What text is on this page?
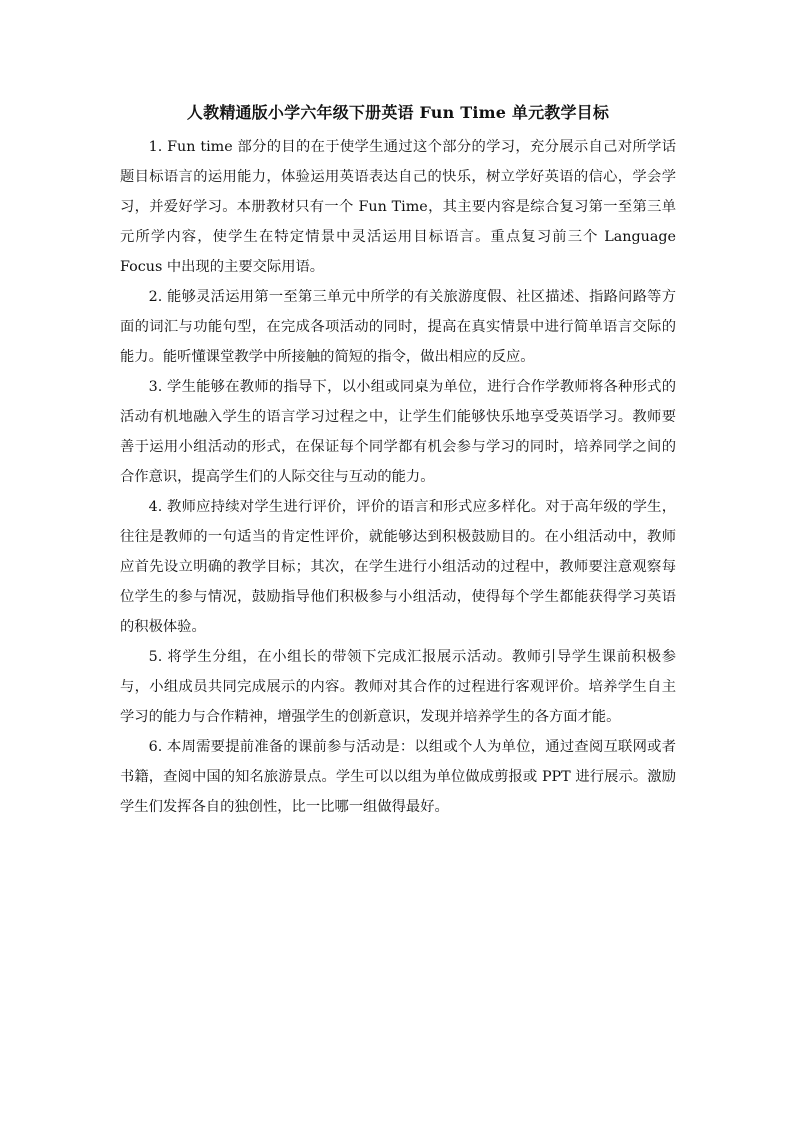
人教精通版小学六年级下册英语 Fun Time 单元教学目标

1. Fun time 部分的目的在于使学生通过这个部分的学习，充分展示自己对所学话题目标语言的运用能力，体验运用英语表达自己的快乐，树立学好英语的信心，学会学习，并爱好学习。本册教材只有一个 Fun Time，其主要内容是综合复习第一至第三单元所学内容，使学生在特定情景中灵活运用目标语言。重点复习前三个 Language Focus 中出现的主要交际用语。

2. 能够灵活运用第一至第三单元中所学的有关旅游度假、社区描述、指路问路等方面的词汇与功能句型，在完成各项活动的同时，提高在真实情景中进行简单语言交际的能力。能听懂课堂教学中所接触的简短的指令，做出相应的反应。

3. 学生能够在教师的指导下，以小组或同桌为单位，进行合作学教师将各种形式的活动有机地融入学生的语言学习过程之中，让学生们能够快乐地享受英语学习。教师要善于运用小组活动的形式，在保证每个同学都有机会参与学习的同时，培养同学之间的合作意识，提高学生们的人际交往与互动的能力。

4. 教师应持续对学生进行评价，评价的语言和形式应多样化。对于高年级的学生，往往是教师的一句适当的肯定性评价，就能够达到积极鼓励目的。在小组活动中，教师应首先设立明确的教学目标；其次，在学生进行小组活动的过程中，教师要注意观察每位学生的参与情况，鼓励指导他们积极参与小组活动，使得每个学生都能获得学习英语的积极体验。

5. 将学生分组，在小组长的带领下完成汇报展示活动。教师引导学生课前积极参与，小组成员共同完成展示的内容。教师对其合作的过程进行客观评价。培养学生自主学习的能力与合作精神，增强学生的创新意识，发现并培养学生的各方面才能。

6. 本周需要提前准备的课前参与活动是：以组或个人为单位，通过查阅互联网或者书籍，查阅中国的知名旅游景点。学生可以以组为单位做成剪报或 PPT 进行展示。激励学生们发挥各自的独创性，比一比哪一组做得最好。
